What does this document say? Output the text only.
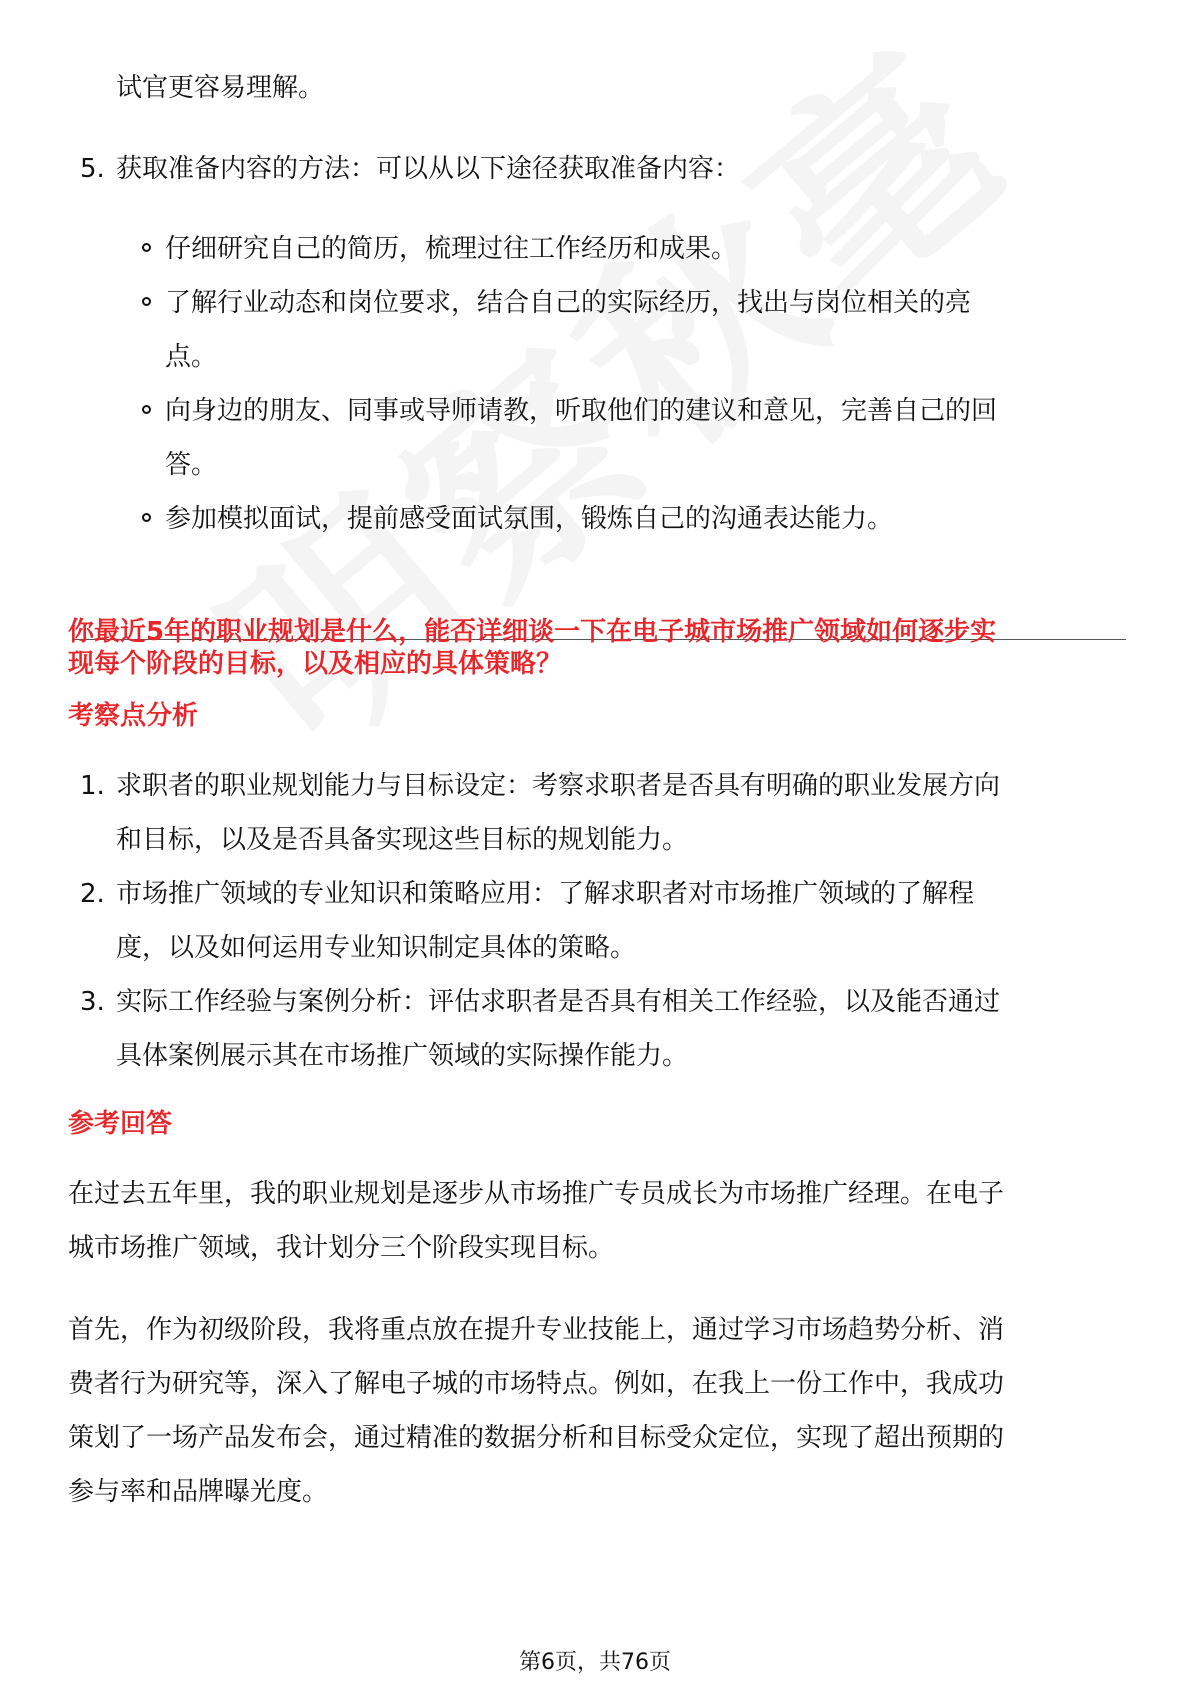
试官更容易理解。
5. 获取准备内容的方法：可以从以下途径获取准备内容：
仔细研究自己的简历，梳理过往工作经历和成果。
了解行业动态和岗位要求，结合自己的实际经历，找出与岗位相关的亮
点。
向身边的朋友、同事或导师请教，听取他们的建议和意见，完善自己的回
答。
参加模拟面试，提前感受面试氛围，锻炼自己的沟通表达能力。
你最近5年的职业规划是什么，能否详细谈一下在电子城市场推广领域如何逐步实
现每个阶段的目标，以及相应的具体策略？
考察点分析
1. 求职者的职业规划能力与目标设定：考察求职者是否具有明确的职业发展方向
和目标，以及是否具备实现这些目标的规划能力。
2. 市场推广领域的专业知识和策略应用：了解求职者对市场推广领域的了解程
度，以及如何运用专业知识制定具体的策略。
3. 实际工作经验与案例分析：评估求职者是否具有相关工作经验，以及能否通过
具体案例展示其在市场推广领域的实际操作能力。
参考回答
在过去五年里，我的职业规划是逐步从市场推广专员成长为市场推广经理。在电子
城市场推广领域，我计划分三个阶段实现目标。
首先，作为初级阶段，我将重点放在提升专业技能上，通过学习市场趋势分析、消
费者行为研究等，深入了解电子城的市场特点。例如，在我上一份工作中，我成功
策划了一场产品发布会，通过精准的数据分析和目标受众定位，实现了超出预期的
参与率和品牌曝光度。
第6页，共76页
